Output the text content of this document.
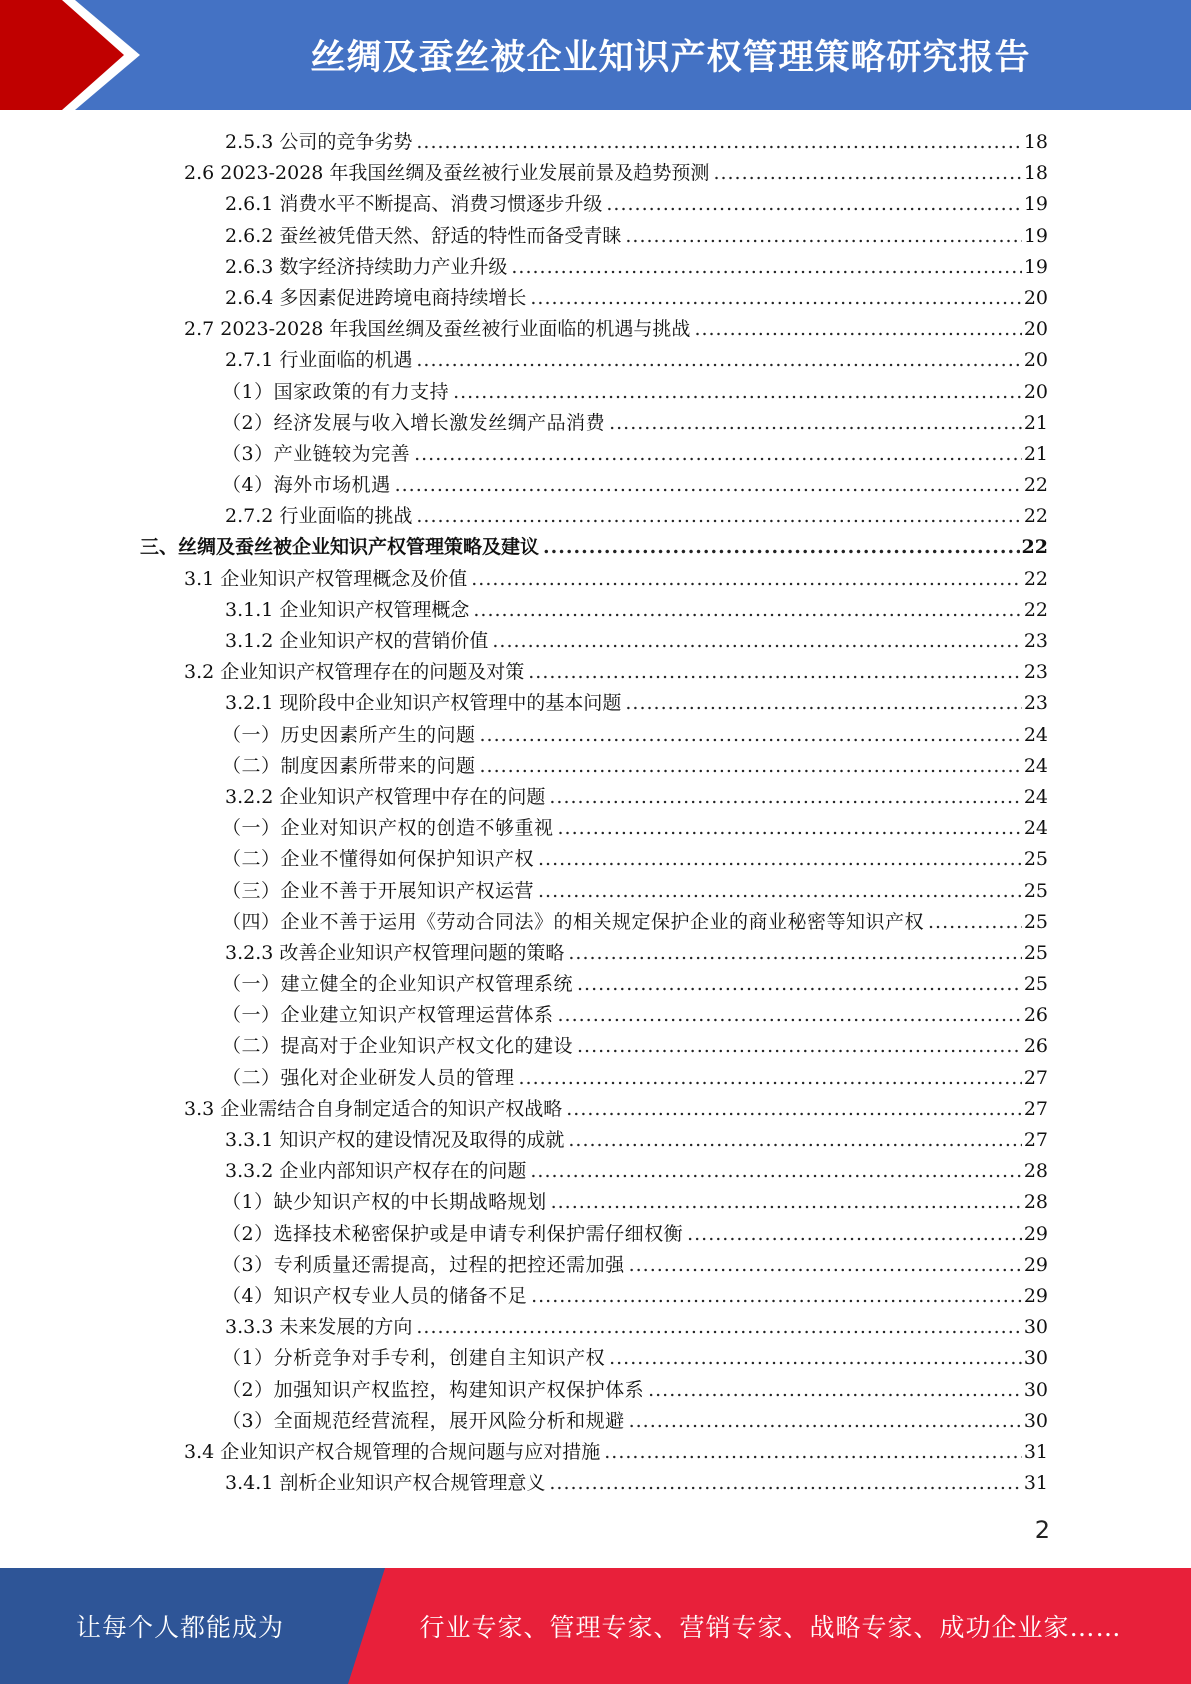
丝绸及蚕丝被企业知识产权管理策略研究报告
2.5.3 公司的竞争劣势 .....	18
2.6 2023-2028 年我国丝绸及蚕丝被行业发展前景及趋势预测 .....	18
2.6.1 消费水平不断提高、消费习惯逐步升级 .....	19
2.6.2 蚕丝被凭借天然、舒适的特性而备受青睐 .....	19
2.6.3 数字经济持续助力产业升级 .....	19
2.6.4 多因素促进跨境电商持续增长 .....	20
2.7 2023-2028 年我国丝绸及蚕丝被行业面临的机遇与挑战 .....	20
2.7.1 行业面临的机遇 .....	20
（1）国家政策的有力支持 .....	20
（2）经济发展与收入增长激发丝绸产品消费 .....	21
（3）产业链较为完善 .....	21
（4）海外市场机遇 .....	22
2.7.2 行业面临的挑战 .....	22
三、丝绸及蚕丝被企业知识产权管理策略及建议 .....	22
3.1 企业知识产权管理概念及价值 .....	22
3.1.1 企业知识产权管理概念 .....	22
3.1.2 企业知识产权的营销价值 .....	23
3.2 企业知识产权管理存在的问题及对策 .....	23
3.2.1 现阶段中企业知识产权管理中的基本问题 .....	23
（一）历史因素所产生的问题 .....	24
（二）制度因素所带来的问题 .....	24
3.2.2 企业知识产权管理中存在的问题 .....	24
（一）企业对知识产权的创造不够重视 .....	24
（二）企业不懂得如何保护知识产权 .....	25
（三）企业不善于开展知识产权运营 .....	25
（四）企业不善于运用《劳动合同法》的相关规定保护企业的商业秘密等知识产权 .....	25
3.2.3 改善企业知识产权管理问题的策略 .....	25
（一）建立健全的企业知识产权管理系统 .....	25
（一）企业建立知识产权管理运营体系 .....	26
（二）提高对于企业知识产权文化的建设 .....	26
（二）强化对企业研发人员的管理 .....	27
3.3 企业需结合自身制定适合的知识产权战略 .....	27
3.3.1 知识产权的建设情况及取得的成就 .....	27
3.3.2 企业内部知识产权存在的问题 .....	28
（1）缺少知识产权的中长期战略规划 .....	28
（2）选择技术秘密保护或是申请专利保护需仔细权衡 .....	29
（3）专利质量还需提高，过程的把控还需加强 .....	29
（4）知识产权专业人员的储备不足 .....	29
3.3.3 未来发展的方向 .....	30
（1）分析竞争对手专利，创建自主知识产权 .....	30
（2）加强知识产权监控，构建知识产权保护体系 .....	30
（3）全面规范经营流程，展开风险分析和规避 .....	30
3.4 企业知识产权合规管理的合规问题与应对措施 .....	31
3.4.1 剖析企业知识产权合规管理意义 .....	31
2
让每个人都能成为	行业专家、管理专家、营销专家、战略专家、成功企业家……
